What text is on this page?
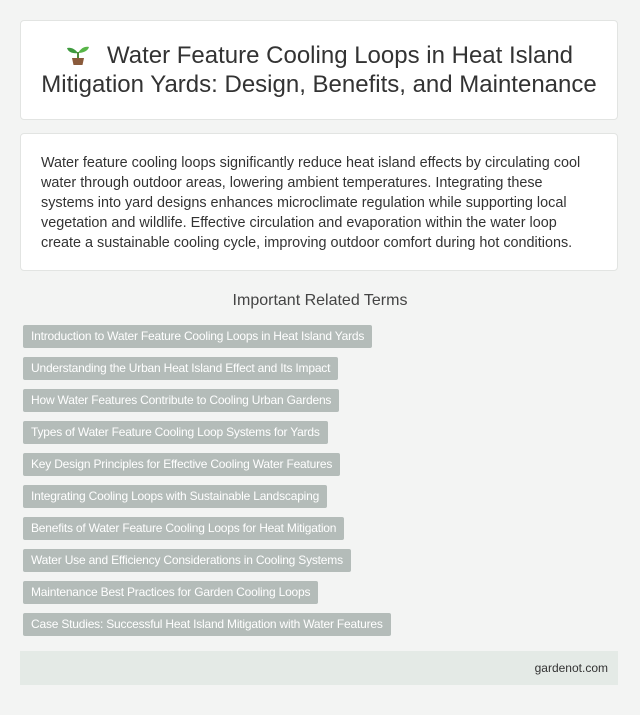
Water Feature Cooling Loops in Heat Island Mitigation Yards: Design, Benefits, and Maintenance

Water feature cooling loops significantly reduce heat island effects by circulating cool water through outdoor areas, lowering ambient temperatures. Integrating these systems into yard designs enhances microclimate regulation while supporting local vegetation and wildlife. Effective circulation and evaporation within the water loop create a sustainable cooling cycle, improving outdoor comfort during hot conditions.

Important Related Terms
Introduction to Water Feature Cooling Loops in Heat Island Yards
Understanding the Urban Heat Island Effect and Its Impact
How Water Features Contribute to Cooling Urban Gardens
Types of Water Feature Cooling Loop Systems for Yards
Key Design Principles for Effective Cooling Water Features
Integrating Cooling Loops with Sustainable Landscaping
Benefits of Water Feature Cooling Loops for Heat Mitigation
Water Use and Efficiency Considerations in Cooling Systems
Maintenance Best Practices for Garden Cooling Loops
Case Studies: Successful Heat Island Mitigation with Water Features
gardenot.com
